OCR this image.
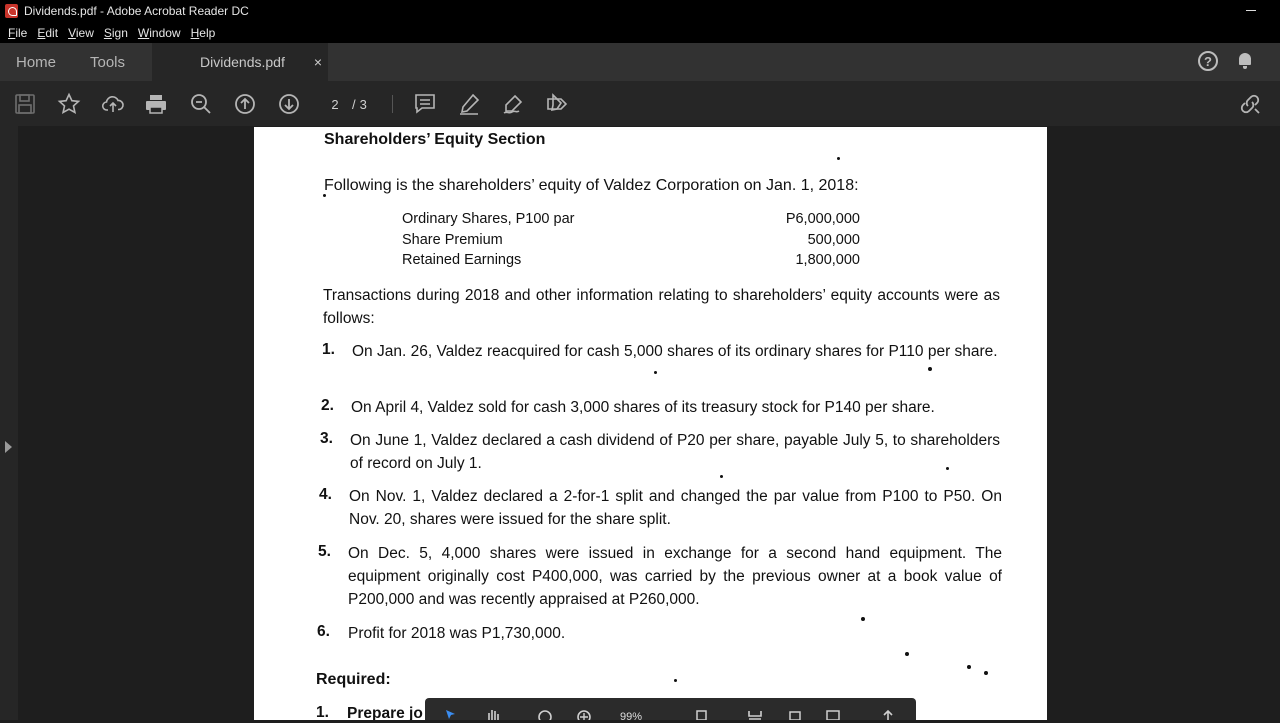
Dividends.pdf - Adobe Acrobat Reader DC
File Edit View Sign Window Help
Home Tools	Dividends.pdf ×	?
2	/ 3
Shareholders’ Equity Section
Following is the shareholders’ equity of Valdez Corporation on Jan. 1, 2018:
Ordinary Shares, P100 par	P6,000,000
Share Premium	500,000
Retained Earnings	1,800,000
Transactions during 2018 and other information relating to shareholders’ equity accounts were as follows:
1. On Jan. 26, Valdez reacquired for cash 5,000 shares of its ordinary shares for P110 per share.
2. On April 4, Valdez sold for cash 3,000 shares of its treasury stock for P140 per share.
3. On June 1, Valdez declared a cash dividend of P20 per share, payable July 5, to shareholders of record on July 1.
4. On Nov. 1, Valdez declared a 2-for-1 split and changed the par value from P100 to P50. On Nov. 20, shares were issued for the share split.
5. On Dec. 5, 4,000 shares were issued in exchange for a second hand equipment. The equipment originally cost P400,000, was carried by the previous owner at a book value of P200,000 and was recently appraised at P260,000.
6. Profit for 2018 was P1,730,000.
Required:
1. Prepare jo	99%
